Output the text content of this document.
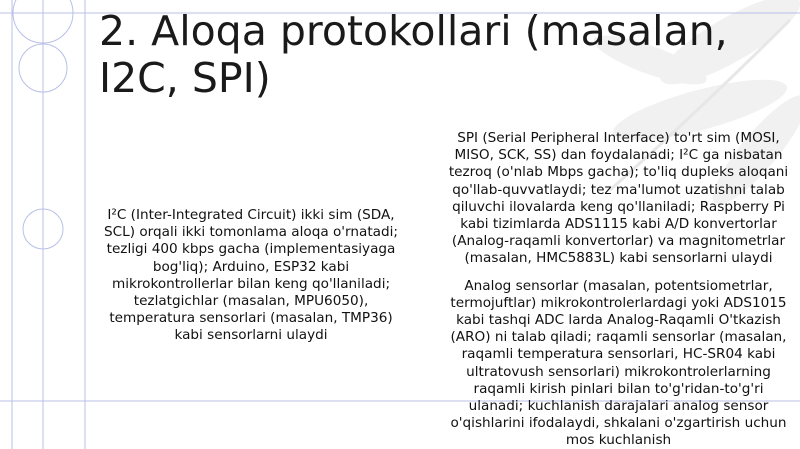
2. Aloqa protokollari (masalan, I2C, SPI)

I²C (Inter-Integrated Circuit) ikki sim (SDA, SCL) orqali ikki tomonlama aloqa o'rnatadi; tezligi 400 kbps gacha (implementasiyaga bog'liq); Arduino, ESP32 kabi mikrokontrollerlar bilan keng qo'llaniladi; tezlatgichlar (masalan, MPU6050), temperatura sensorlari (masalan, TMP36) kabi sensorlarni ulaydi

SPI (Serial Peripheral Interface) to'rt sim (MOSI, MISO, SCK, SS) dan foydalanadi; I²C ga nisbatan tezroq (o'nlab Mbps gacha); to'liq dupleks aloqani qo'llab-quvvatlaydi; tez ma'lumot uzatishni talab qiluvchi ilovalarda keng qo'llaniladi; Raspberry Pi kabi tizimlarda ADS1115 kabi A/D konvertorlar (Analog-raqamli konvertorlar) va magnitometrlar (masalan, HMC5883L) kabi sensorlarni ulaydi

Analog sensorlar (masalan, potentsiometrlar, termojuftlar) mikrokontrolerlardagi yoki ADS1015 kabi tashqi ADC larda Analog-Raqamli O'tkazish (ARO) ni talab qiladi; raqamli sensorlar (masalan, raqamli temperatura sensorlari, HC-SR04 kabi ultratovush sensorlari) mikrokontrolerlarning raqamli kirish pinlari bilan to'g'ridan-to'g'ri ulanadi; kuchlanish darajalari analog sensor o'qishlarini ifodalaydi, shkalani o'zgartirish uchun mos kuchlanish
